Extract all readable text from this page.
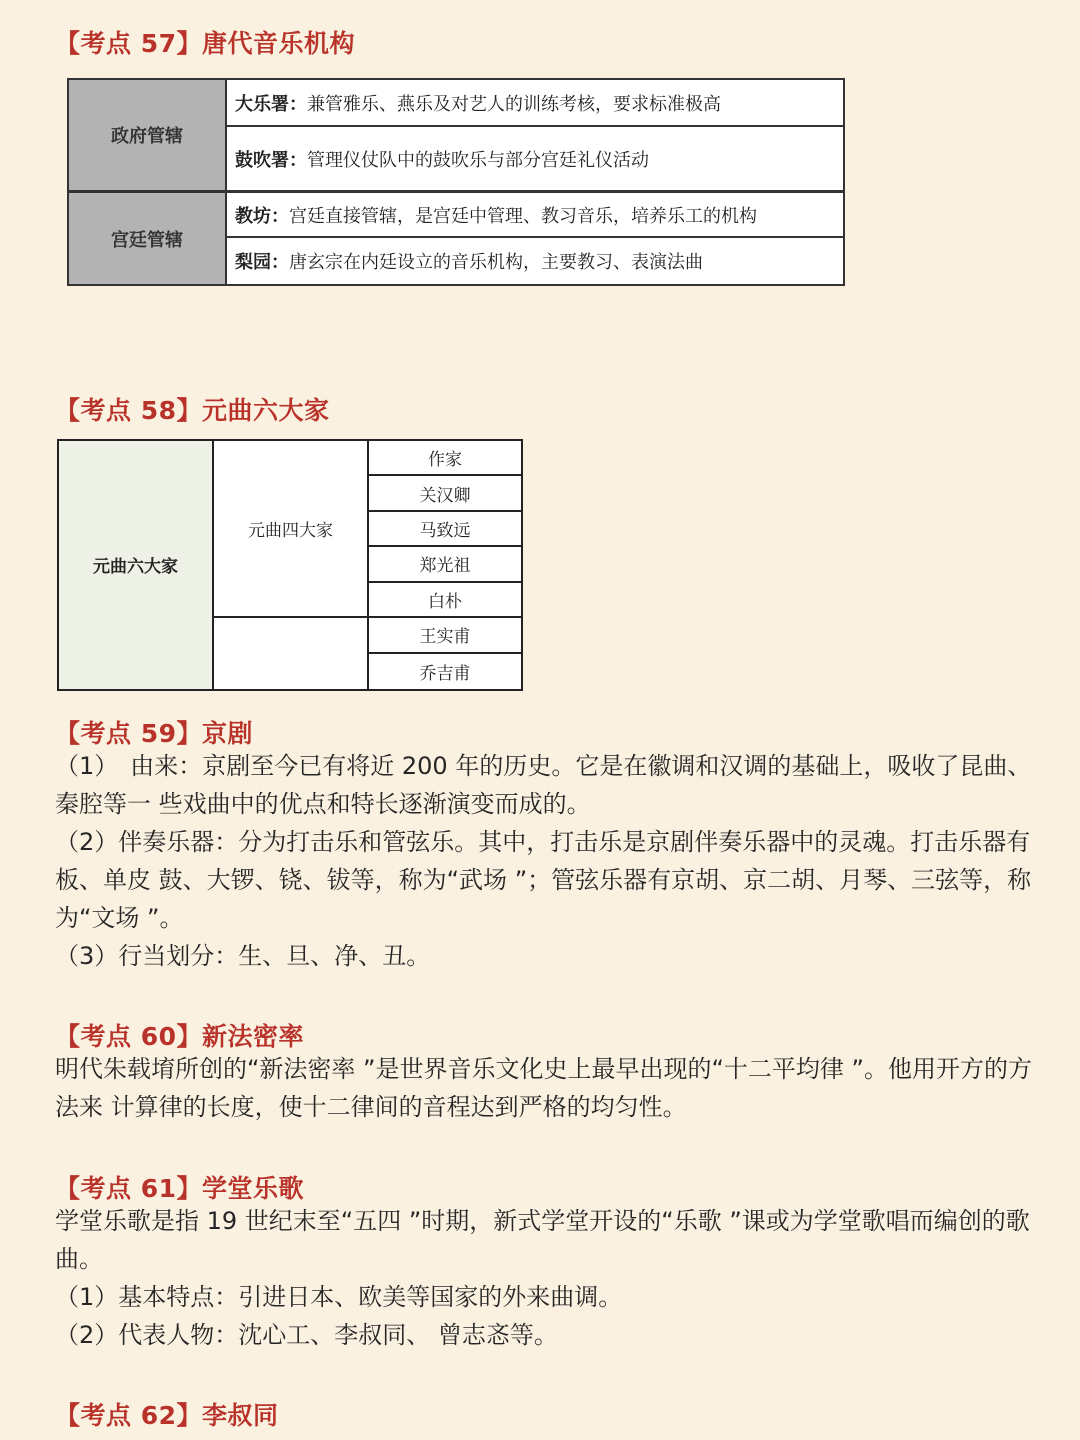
【考点 57】唐代音乐机构
政府管辖
大乐署： 兼管雅乐、燕乐及对艺人的训练考核，要求标准极高
鼓吹署： 管理仪仗队中的鼓吹乐与部分宫廷礼仪活动
宫廷管辖
教坊： 宫廷直接管辖，是宫廷中管理、教习音乐，培养乐工的机构
梨园： 唐玄宗在内廷设立的音乐机构，主要教习、表演法曲
【考点 58】元曲六大家
元曲六大家
元曲四大家
作家
关汉卿
马致远
郑光祖
白朴
王实甫
乔吉甫
【考点 59】京剧

（1）　由来：京剧至今已有将近 200 年的历史。它是在徽调和汉调的基础上，吸收了昆曲、秦腔等一 些戏曲中的优点和特长逐渐演变而成的。

（2）伴奏乐器：分为打击乐和管弦乐。其中，打击乐是京剧伴奏乐器中的灵魂。打击乐器有板、单皮 鼓、大锣、铙、钹等，称为“武场 ”；管弦乐器有京胡、京二胡、月琴、三弦等，称为“文场 ”。

（3）行当划分：生、旦、净、丑。

【考点 60】新法密率

明代朱载堉所创的“新法密率 ”是世界音乐文化史上最早出现的“十二平均律 ”。他用开方的方法来 计算律的长度，使十二律间的音程达到严格的均匀性。

【考点 61】学堂乐歌

学堂乐歌是指 19 世纪末至“五四 ”时期，新式学堂开设的“乐歌 ”课或为学堂歌唱而编创的歌曲。

（1）基本特点：引进日本、欧美等国家的外来曲调。

（2）代表人物：沈心工、李叔同、 曾志忞等。

【考点 62】李叔同
